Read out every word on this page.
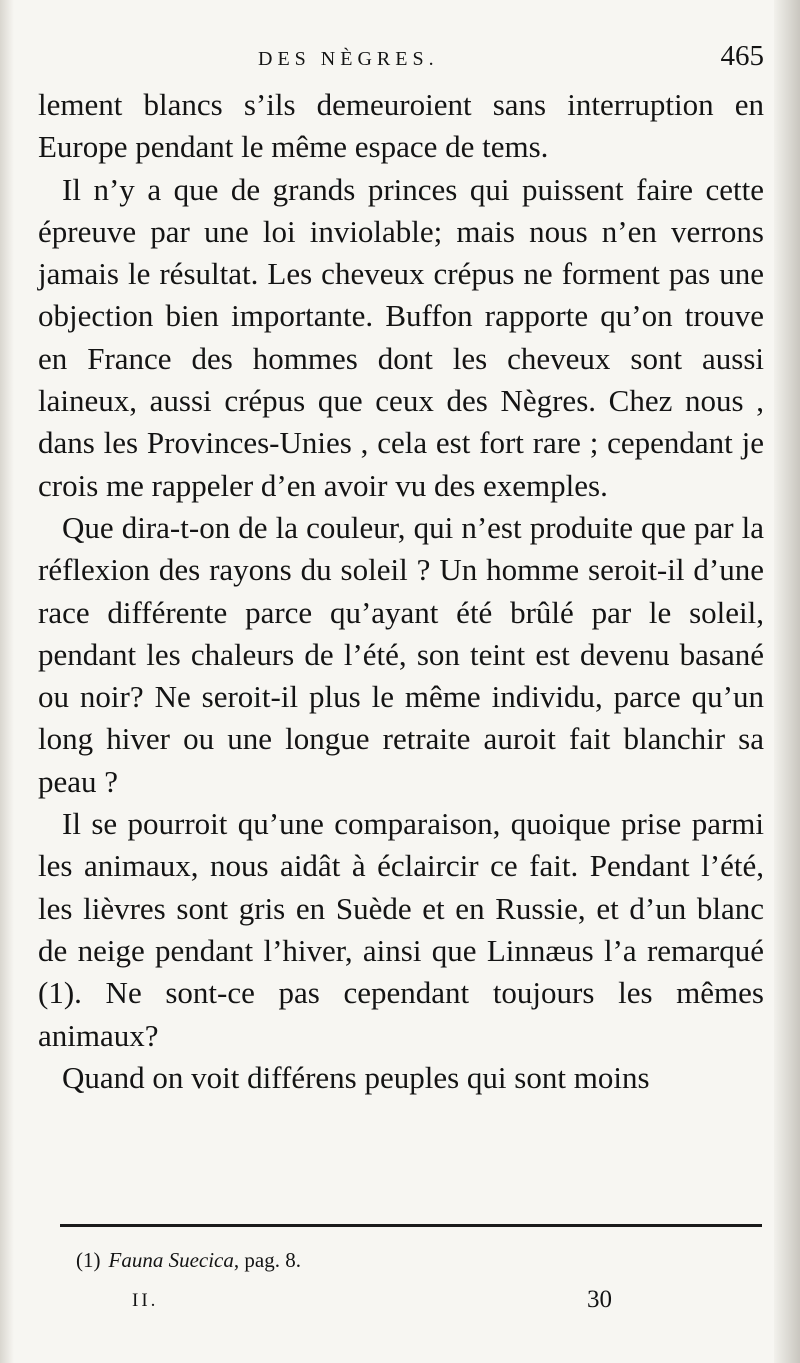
DES NÈGRES.	465

lement blancs s’ils demeuroient sans interruption en Europe pendant le même espace de tems.

Il n’y a que de grands princes qui puissent faire cette épreuve par une loi inviolable; mais nous n’en verrons jamais le résultat. Les cheveux crépus ne forment pas une objection bien importante. Buffon rapporte qu’on trouve en France des hommes dont les cheveux sont aussi laineux, aussi crépus que ceux des Nègres. Chez nous , dans les Provinces-Unies , cela est fort rare ; cependant je crois me rappeler d’en avoir vu des exemples.

Que dira-t-on de la couleur, qui n’est produite que par la réflexion des rayons du soleil ? Un homme seroit-il d’une race différente parce qu’ayant été brûlé par le soleil, pendant les chaleurs de l’été, son teint est devenu basané ou noir? Ne seroit-il plus le même individu, parce qu’un long hiver ou une longue retraite auroit fait blanchir sa peau ?

Il se pourroit qu’une comparaison, quoique prise parmi les animaux, nous aidât à éclaircir ce fait. Pendant l’été, les lièvres sont gris en Suède et en Russie, et d’un blanc de neige pendant l’hiver, ainsi que Linnæus l’a remarqué (1). Ne sont-ce pas cependant toujours les mêmes animaux?

Quand on voit différens peuples qui sont moins

(1) Fauna Suecica, pag. 8.
II.	30
